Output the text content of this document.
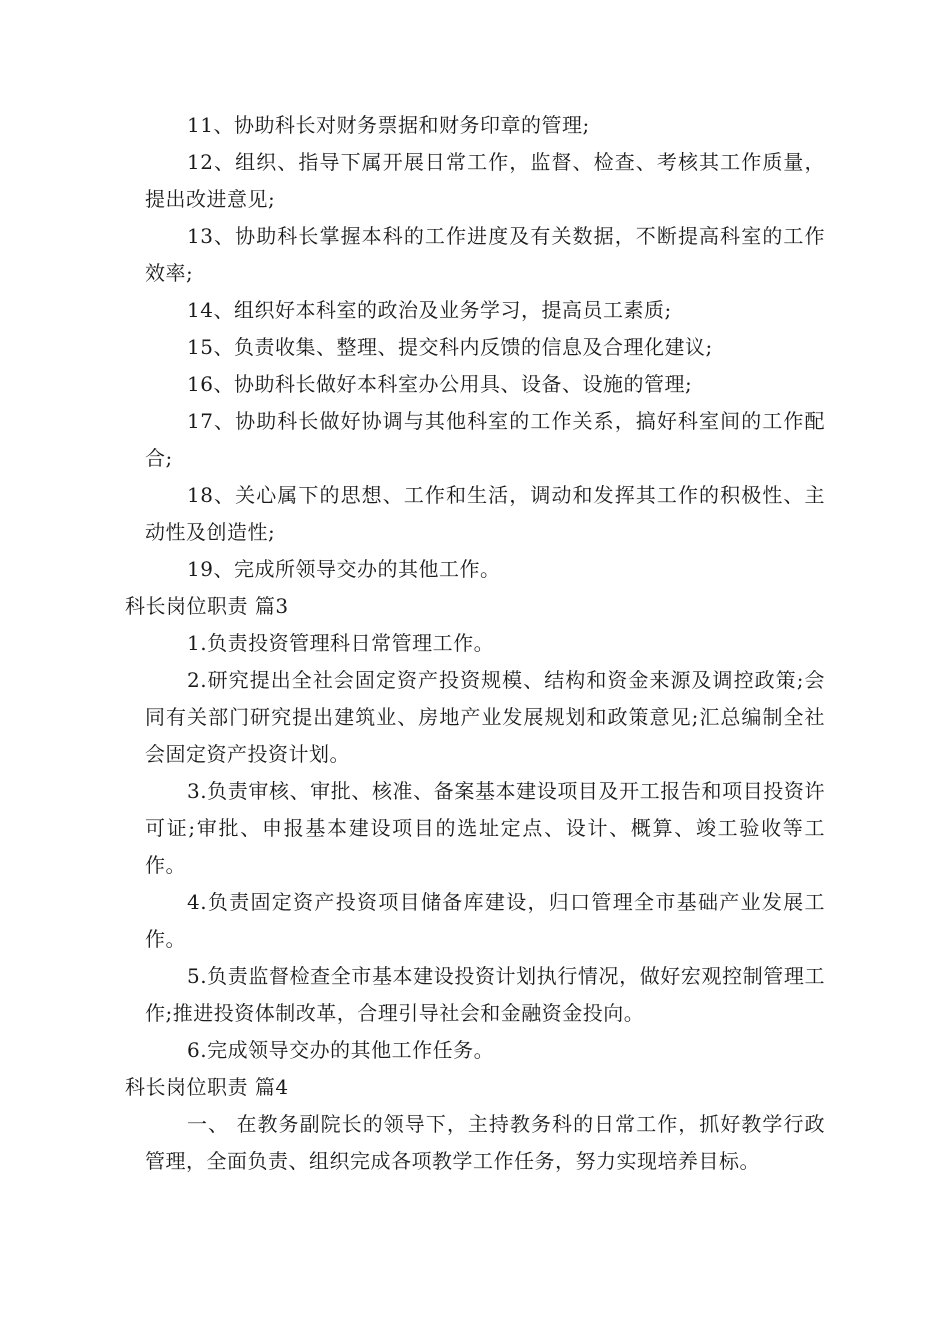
11、协助科长对财务票据和财务印章的管理;

12、组织、指导下属开展日常工作，监督、检查、考核其工作质量，提出改进意见;

13、协助科长掌握本科的工作进度及有关数据，不断提高科室的工作效率;

14、组织好本科室的政治及业务学习，提高员工素质;

15、负责收集、整理、提交科内反馈的信息及合理化建议;

16、协助科长做好本科室办公用具、设备、设施的管理;

17、协助科长做好协调与其他科室的工作关系，搞好科室间的工作配合;

18、关心属下的思想、工作和生活，调动和发挥其工作的积极性、主动性及创造性;

19、完成所领导交办的其他工作。

科长岗位职责 篇3

1.负责投资管理科日常管理工作。

2.研究提出全社会固定资产投资规模、结构和资金来源及调控政策;会同有关部门研究提出建筑业、房地产业发展规划和政策意见;汇总编制全社会固定资产投资计划。

3.负责审核、审批、核准、备案基本建设项目及开工报告和项目投资许可证;审批、申报基本建设项目的选址定点、设计、概算、竣工验收等工作。

4.负责固定资产投资项目储备库建设，归口管理全市基础产业发展工作。

5.负责监督检查全市基本建设投资计划执行情况，做好宏观控制管理工作;推进投资体制改革，合理引导社会和金融资金投向。

6.完成领导交办的其他工作任务。

科长岗位职责 篇4

一、 在教务副院长的领导下，主持教务科的日常工作，抓好教学行政管理，全面负责、组织完成各项教学工作任务，努力实现培养目标。
